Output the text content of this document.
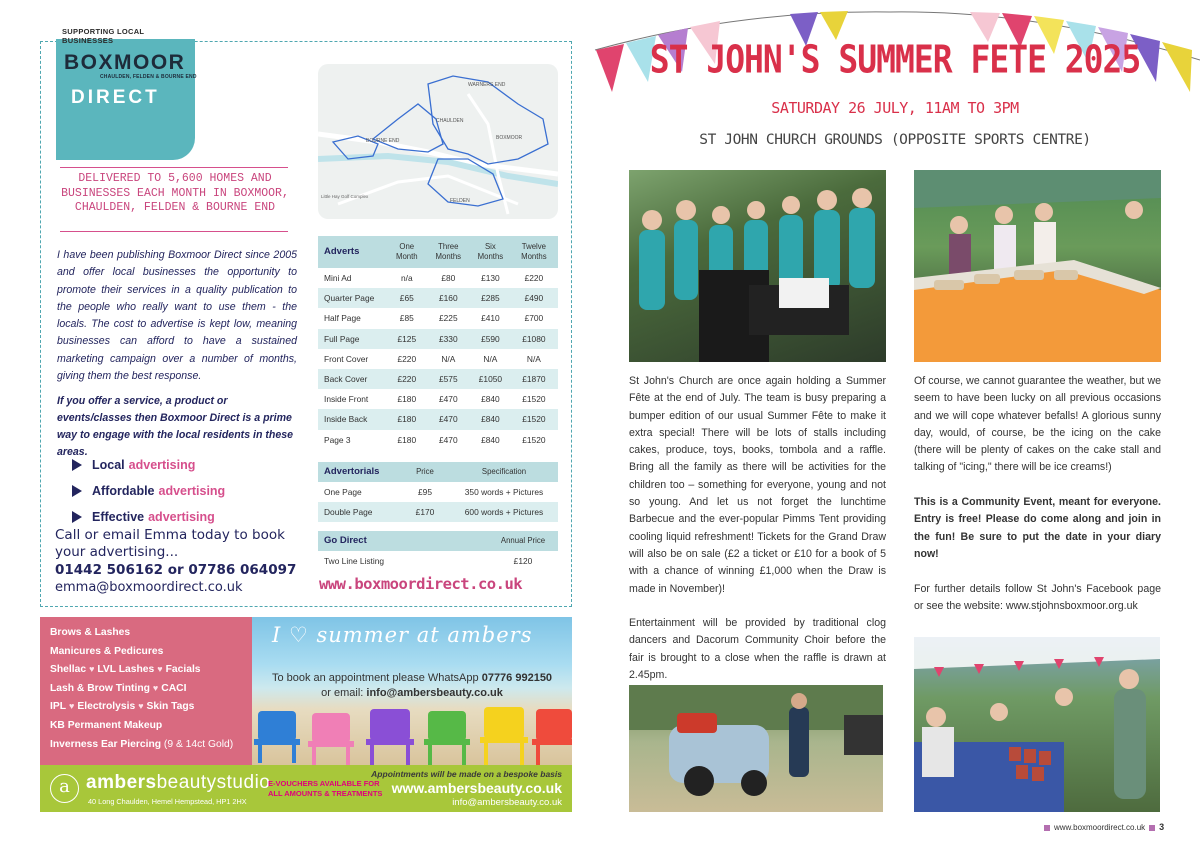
SUPPORTING LOCAL BUSINESSES
BOXMOOR
CHAULDEN, FELDEN & BOURNE END
DIRECT
DELIVERED TO 5,600 HOMES AND BUSINESSES EACH MONTH IN BOXMOOR, CHAULDEN, FELDEN & BOURNE END

I have been publishing Boxmoor Direct since 2005 and offer local businesses the opportunity to promote their services in a quality publication to the people who really want to use them - the locals. The cost to advertise is kept low, meaning businesses can afford to have a sustained marketing campaign over a number of months, giving them the best response.

If you offer a service, a product or events/classes then Boxmoor Direct is a prime way to engage with the local residents in these areas.

Local advertising
Affordable advertising
Effective advertising

Call or email Emma today to book your advertising...

01442 506162 or 07786 064097
emma@boxmoordirect.co.uk
WARNERS END
BOXMOOR
CHAULDEN
FELDEN
BOURNE END
Little Hay Golf Complex
Adverts	One Month	Three Months	Six Months	Twelve Months
Mini Ad	n/a	£80	£130	£220
Quarter Page	£65	£160	£285	£490
Half Page	£85	£225	£410	£700
Full Page	£125	£330	£590	£1080
Front Cover	£220	N/A	N/A	N/A
Back Cover	£220	£575	£1050	£1870
Inside Front	£180	£470	£840	£1520
Inside Back	£180	£470	£840	£1520
Page 3	£180	£470	£840	£1520
Advertorials	Price	Specification
One Page	£95	350 words + Pictures
Double Page	£170	600 words + Pictures
Go Direct	Annual Price
Two Line Listing	£120
www.boxmoordirect.co.uk
Brows & Lashes
Manicures & Pedicures
Shellac ♥ LVL Lashes ♥ Facials
Lash & Brow Tinting ♥ CACI
IPL ♥ Electrolysis ♥ Skin Tags
KB Permanent Makeup
Inverness Ear Piercing (9 & 14ct Gold)
I ♡ summer at ambers
To book an appointment please WhatsApp 07776 992150
or email: info@ambersbeauty.co.uk
a ambersbeautystudio
40 Long Chaulden, Hemel Hempstead, HP1 2HX
E-VOUCHERS AVAILABLE FOR
ALL AMOUNTS & TREATMENTS
Appointments will be made on a bespoke basis
www.ambersbeauty.co.uk
info@ambersbeauty.co.uk
ST JOHN'S SUMMER FETE 2025
SATURDAY 26 JULY, 11AM TO 3PM
ST JOHN CHURCH GROUNDS (OPPOSITE SPORTS CENTRE)

St John's Church are once again holding a Summer Fête at the end of July. The team is busy preparing a bumper edition of our usual Summer Fête to make it extra special! There will be lots of stalls including cakes, produce, toys, books, tombola and a raffle. Bring all the family as there will be activities for the children too – something for everyone, young and not so young. And let us not forget the lunchtime Barbecue and the ever-popular Pimms Tent providing cooling liquid refreshment! Tickets for the Grand Draw will also be on sale (£2 a ticket or £10 for a book of 5 with a chance of winning £1,000 when the Draw is made in November)!

Entertainment will be provided by traditional clog dancers and Dacorum Community Choir before the fair is brought to a close when the raffle is drawn at 2.45pm.

Of course, we cannot guarantee the weather, but we seem to have been lucky on all previous occasions and we will cope whatever befalls! A glorious sunny day, would, of course, be the icing on the cake (there will be plenty of cakes on the cake stall and talking of "icing," there will be ice creams!)

This is a Community Event, meant for everyone. Entry is free! Please do come along and join in the fun! Be sure to put the date in your diary now!

For further details follow St John's Facebook page or see the website: www.stjohnsboxmoor.org.uk

www.boxmoordirect.co.uk 3
